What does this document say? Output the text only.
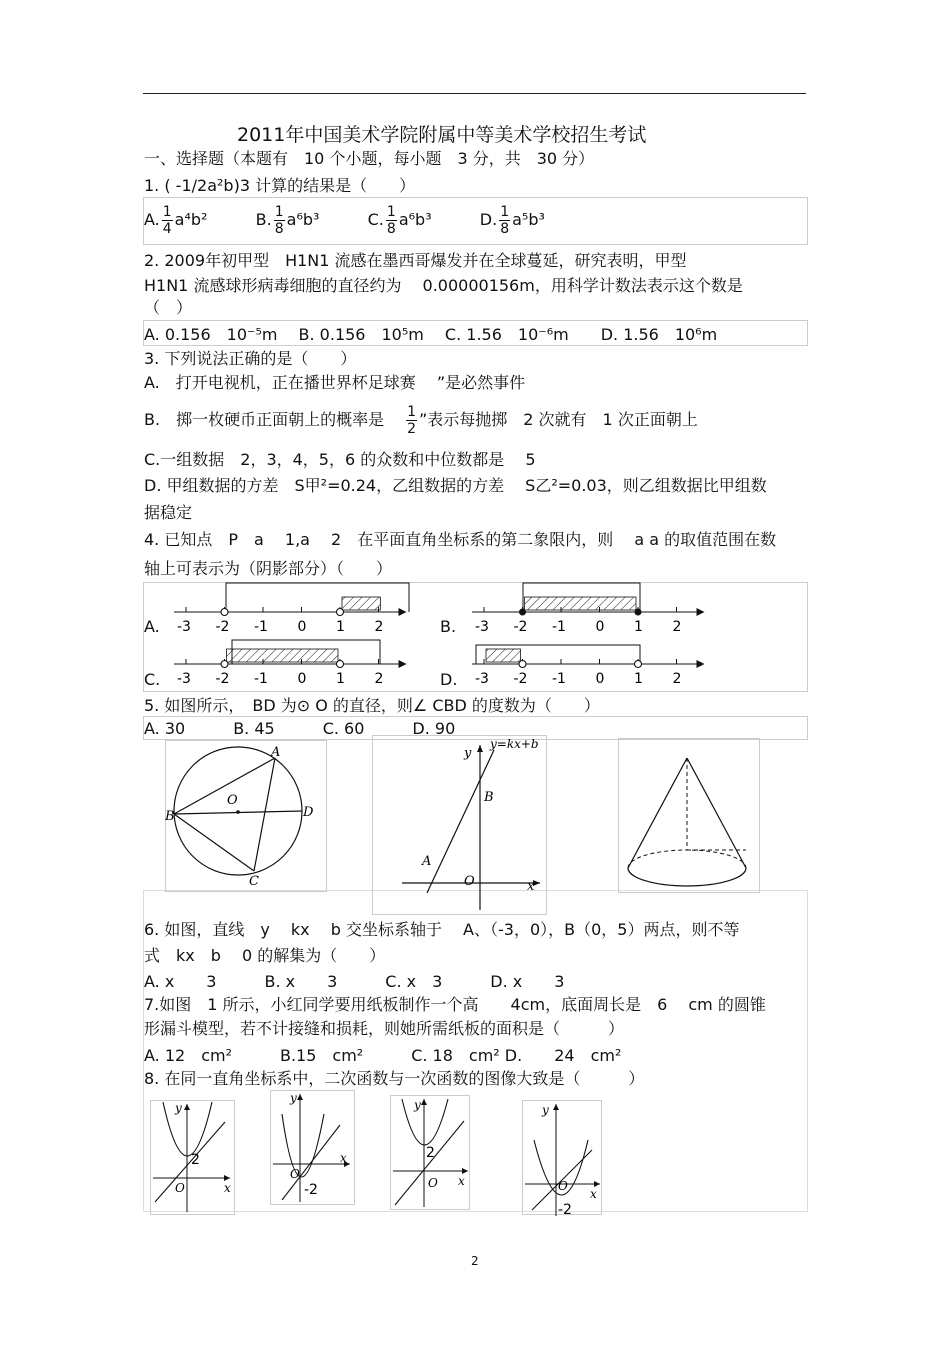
2011年中国美术学院附属中等美术学校招生考试
一、选择题（本题有　10 个小题，每小题　3 分，共　30 分）
1. ( -1/2a²b)3 计算的结果是（　　）
A. $\frac{1}{4} a^4b^2$	B. $\frac{1}{8} a^6b^3$	C. $\frac{1}{8} a^6b^3$	D. $\frac{1}{8} a^5b^3$
2. 2009年初甲型　H1N1 流感在墨西哥爆发并在全球蔓延，研究表明，甲型
H1N1 流感球形病毒细胞的直径约为　 0.00000156m，用科学计数法表示这个数是
（　）
A. 0.156　10⁻⁵m　 B. 0.156　10⁵m　 C. 1.56　10⁻⁶m　　D. 1.56　10⁶m
3. 下列说法正确的是（　　）
A.　打开电视机，正在播世界杯足球赛　 ”是必然事件
B.　掷一枚硬币正面朝上的概率是 $\frac{1}{2}$ ”表示每抛掷　2 次就有　1 次正面朝上
C.一组数据　2，3，4，5，6 的众数和中位数都是　 5
D. 甲组数据的方差　S甲²=0.24，乙组数据的方差　 S乙²=0.03，则乙组数据比甲组数
据稳定
4. 已知点　P　a　 1,a　 2　在平面直角坐标系的第二象限内，则　 a a 的取值范围在数
轴上可表示为（阴影部分）（　　）
A.	B.
C.	D.
-3 -2 -1 0 1 2	-3 -2 -1 0 1 2
-3 -2 -1 0 1 2	-3 -2 -1 0 1 2
5. 如图所示，　BD 为⊙ O 的直径，则∠ CBD 的度数为（　　）
A. 30　　　B. 45　　　C. 60　　　D. 90
A
B
C
D
O
y=kx+b
y
B
A
O	x
6. 如图，直线　y　 kx　 b 交坐标系轴于　 A、（-3，0），B（0，5）两点，则不等
式　kx　b　 0 的解集为（　　）
A. x　　3　　　B. x　　3　　　C. x　3　　　D. x　　3
7.如图　1 所示，小红同学要用纸板制作一个高　　4cm，底面周长是　6　 cm 的圆锥
形漏斗模型，若不计接缝和损耗，则她所需纸板的面积是（　　　）
A. 12　cm²　　　B.15　cm²　　　C. 18　cm² D.　　24　cm²
8. 在同一直角坐标系中，二次函数与一次函数的图像大致是（　　　）
y
x
O
2
y
x
O
-2
y
x
O
2
y
x
O
-2
2
